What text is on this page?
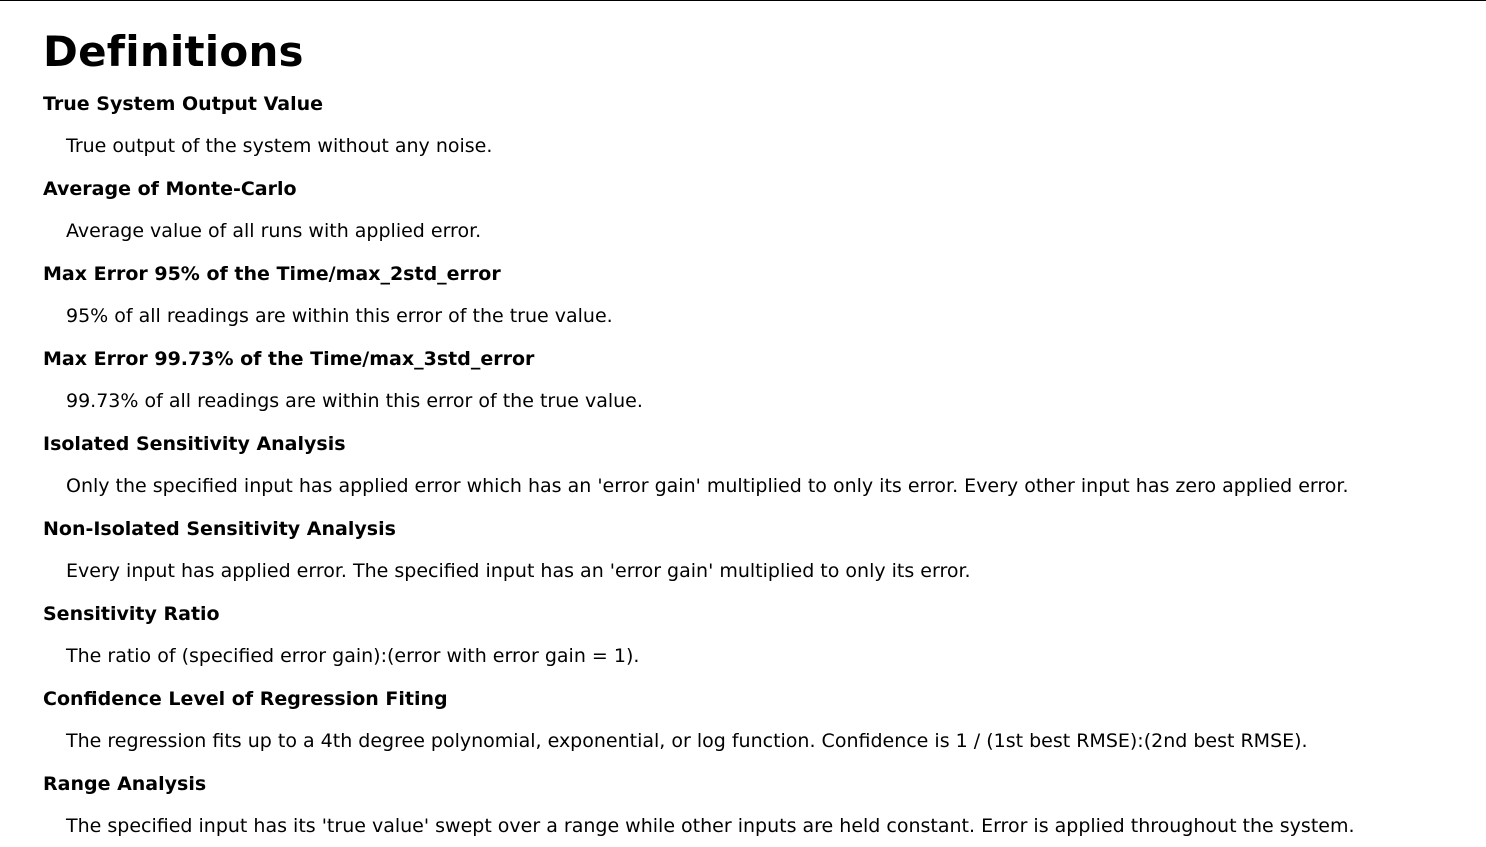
Definitions
True System Output Value
True output of the system without any noise.
Average of Monte-Carlo
Average value of all runs with applied error.
Max Error 95% of the Time/max_2std_error
95% of all readings are within this error of the true value.
Max Error 99.73% of the Time/max_3std_error
99.73% of all readings are within this error of the true value.
Isolated Sensitivity Analysis
Only the specified input has applied error which has an 'error gain' multiplied to only its error. Every other input has zero applied error.
Non-Isolated Sensitivity Analysis
Every input has applied error. The specified input has an 'error gain' multiplied to only its error.
Sensitivity Ratio
The ratio of (specified error gain):(error with error gain = 1).
Confidence Level of Regression Fiting
The regression fits up to a 4th degree polynomial, exponential, or log function. Confidence is 1 / (1st best RMSE):(2nd best RMSE).
Range Analysis
The specified input has its 'true value' swept over a range while other inputs are held constant. Error is applied throughout the system.
